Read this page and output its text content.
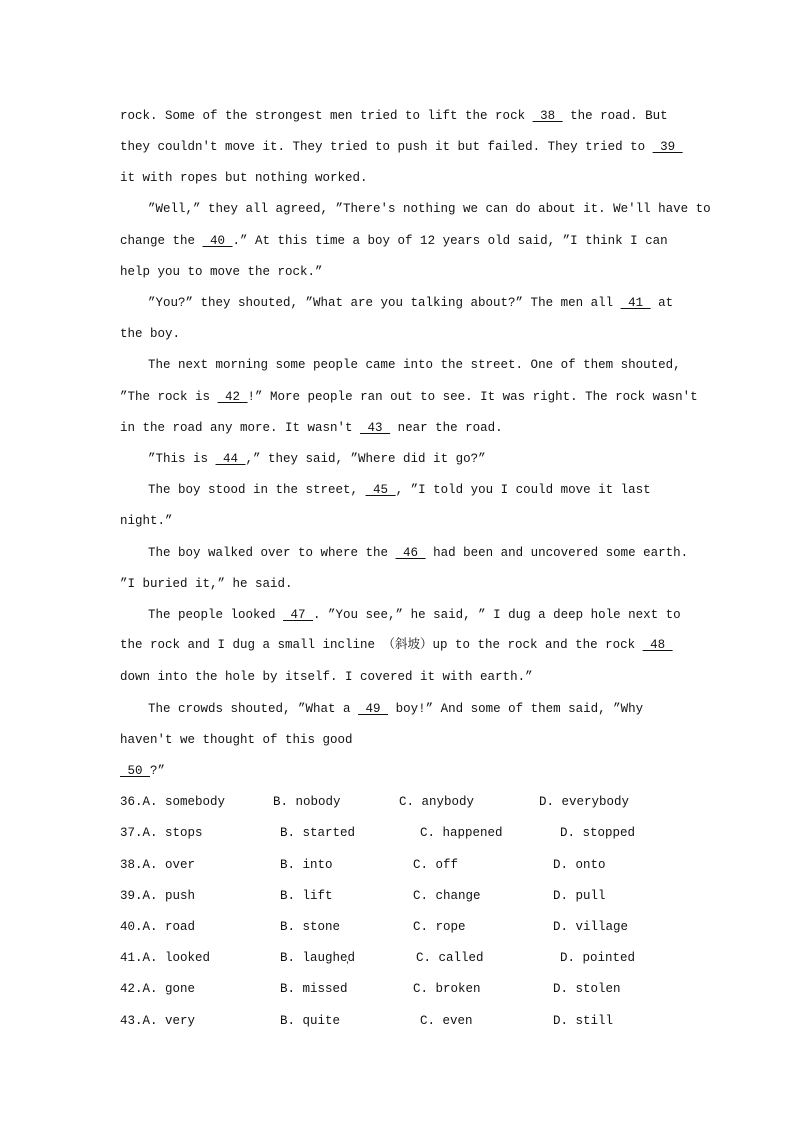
rock. Some of the strongest men tried to lift the rock  38  the road. But
they couldn't move it. They tried to push it but failed. They tried to  39
it with ropes but nothing worked.
”Well,” they all agreed, ”There's nothing we can do about it. We'll have to
change the  40 .” At this time a boy of 12 years old said, ”I think I can
help you to move the rock.”
”You?” they shouted, ”What are you talking about?” The men all  41  at
the boy.
The next morning some people came into the street. One of them shouted,
”The rock is  42 !” More people ran out to see. It was right. The rock wasn't
in the road any more. It wasn't  43  near the road.
”This is  44 ,” they said, ”Where did it go?”
The boy stood in the street,  45 , ”I told you I could move it last
night.”
The boy walked over to where the  46  had been and uncovered some earth.
”I buried it,” he said.
The people looked  47 . ”You see,” he said, ” I dug a deep hole next to
the rock and I dug a small incline （斜坡）up to the rock and the rock  48
down into the hole by itself. I covered it with earth.”
The crowds shouted, ”What a  49  boy!” And some of them said, ”Why
haven't we thought of this good
50 ?”
36.A. somebody	B. nobody	C. anybody	D. everybody
37.A. stops	B. started	C. happened	D. stopped
38.A. over	B. into	C. off	D. onto
39.A. push	B. lift	C. change	D. pull
40.A. road	B. stone	C. rope	D. village
41.A. looked	B. laughe̦d	C. called	D. pointed
42.A. gone	B. missed	C. broken	D. stolen
43.A. very	B. quite	C. even	D. still
